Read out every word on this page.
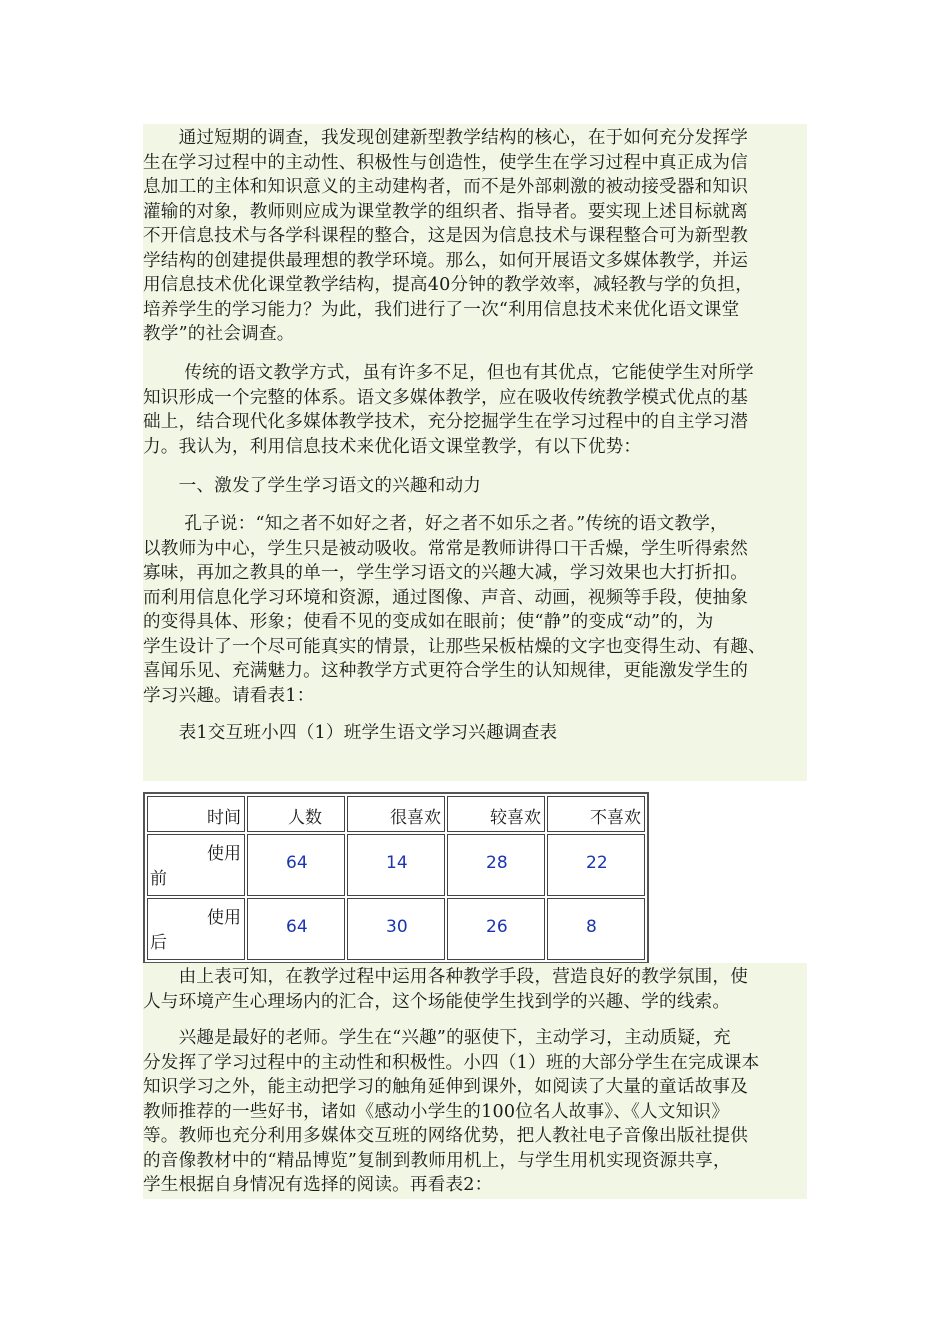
　　通过短期的调查，我发现创建新型教学结构的核心，在于如何充分发挥学
生在学习过程中的主动性、积极性与创造性，使学生在学习过程中真正成为信
息加工的主体和知识意义的主动建构者，而不是外部刺激的被动接受器和知识
灌输的对象，教师则应成为课堂教学的组织者、指导者。要实现上述目标就离
不开信息技术与各学科课程的整合，这是因为信息技术与课程整合可为新型教
学结构的创建提供最理想的教学环境。那么，如何开展语文多媒体教学，并运
用信息技术优化课堂教学结构，提高40分钟的教学效率，减轻教与学的负担，
培养学生的学习能力？为此，我们进行了一次“利用信息技术来优化语文课堂
教学”的社会调查。

　　 传统的语文教学方式，虽有许多不足，但也有其优点，它能使学生对所学
知识形成一个完整的体系。语文多媒体教学，应在吸收传统教学模式优点的基
础上，结合现代化多媒体教学技术，充分挖掘学生在学习过程中的自主学习潜
力。我认为，利用信息技术来优化语文课堂教学，有以下优势：

　　一、激发了学生学习语文的兴趣和动力

　　 孔子说：“知之者不如好之者，好之者不如乐之者。”传统的语文教学，
以教师为中心，学生只是被动吸收。常常是教师讲得口干舌燥，学生听得索然
寡味，再加之教具的单一，学生学习语文的兴趣大减，学习效果也大打折扣。
而利用信息化学习环境和资源，通过图像、声音、动画，视频等手段，使抽象
的变得具体、形象；使看不见的变成如在眼前；使“静”的变成“动”的，为
学生设计了一个尽可能真实的情景，让那些呆板枯燥的文字也变得生动、有趣、
喜闻乐见、充满魅力。这种教学方式更符合学生的认知规律，更能激发学生的
学习兴趣。请看表1：

　　表1交互班小四（1）班学生语文学习兴趣调查表

时间	人数	很喜欢	较喜欢	不喜欢

使用
前	64	14	28	22

使用
后	64	30	26	8

　　由上表可知，在教学过程中运用各种教学手段，营造良好的教学氛围，使
人与环境产生心理场内的汇合，这个场能使学生找到学的兴趣、学的线索。

　　兴趣是最好的老师。学生在“兴趣”的驱使下，主动学习，主动质疑，充
分发挥了学习过程中的主动性和积极性。小四（1）班的大部分学生在完成课本
知识学习之外，能主动把学习的触角延伸到课外，如阅读了大量的童话故事及
教师推荐的一些好书，诸如《感动小学生的100位名人故事》、《人文知识》
等。教师也充分利用多媒体交互班的网络优势，把人教社电子音像出版社提供
的音像教材中的“精品博览”复制到教师用机上，与学生用机实现资源共享，
学生根据自身情况有选择的阅读。再看表2：
